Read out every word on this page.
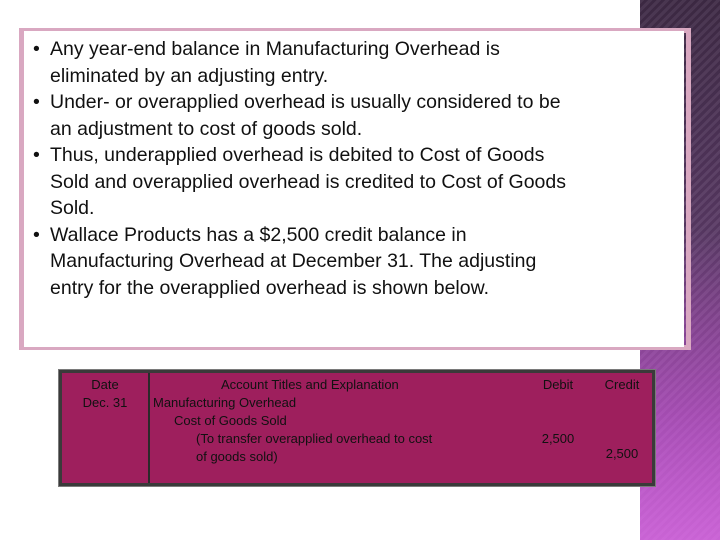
• Any year-end balance in Manufacturing Overhead is
eliminated by an adjusting entry.
• Under- or overapplied overhead is usually considered to be
an adjustment to cost of goods sold.
• Thus, underapplied overhead is debited to Cost of Goods
Sold and overapplied overhead is credited to Cost of Goods
Sold.
• Wallace Products has a $2,500 credit balance in
Manufacturing Overhead at December 31. The adjusting
entry for the overapplied overhead is shown below.
Date
Dec. 31
Account Titles and Explanation
Manufacturing Overhead
Cost of Goods Sold
(To transfer overapplied overhead to cost
of goods sold)
Debit
2,500
Credit
2,500
